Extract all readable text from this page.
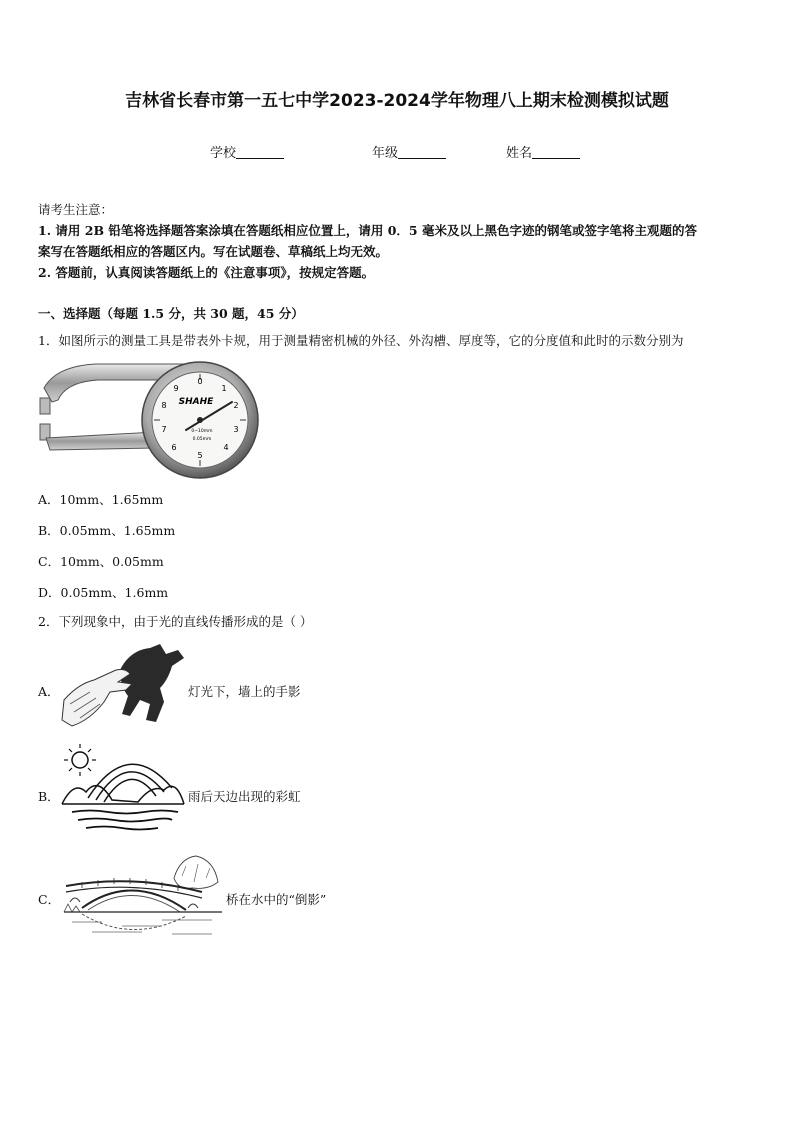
吉林省长春市第一五七中学2023-2024学年物理八上期末检测模拟试题
学校	年级	姓名
请考生注意：
1. 请用 2B 铅笔将选择题答案涂填在答题纸相应位置上，请用 0．5 毫米及以上黑色字迹的钢笔或签字笔将主观题的答
案写在答题纸相应的答题区内。写在试题卷、草稿纸上均无效。
2. 答题前，认真阅读答题纸上的《注意事项》，按规定答题。
一、选择题（每题 1.5 分，共 30 题，45 分）
1．如图所示的测量工具是带表外卡规，用于测量精密机械的外径、外沟槽、厚度等，它的分度值和此时的示数分别为
0
1
2
3
4
5
6
7
8
9
SHAHE
0~10mm
0.05mm
A．10mm、1.65mm
B．0.05mm、1.65mm
C．10mm、0.05mm
D．0.05mm、1.6mm
2．下列现象中，由于光的直线传播形成的是（ ）
A．	灯光下，墙上的手影
B．	雨后天边出现的彩虹
C．	桥在水中的“倒影”
